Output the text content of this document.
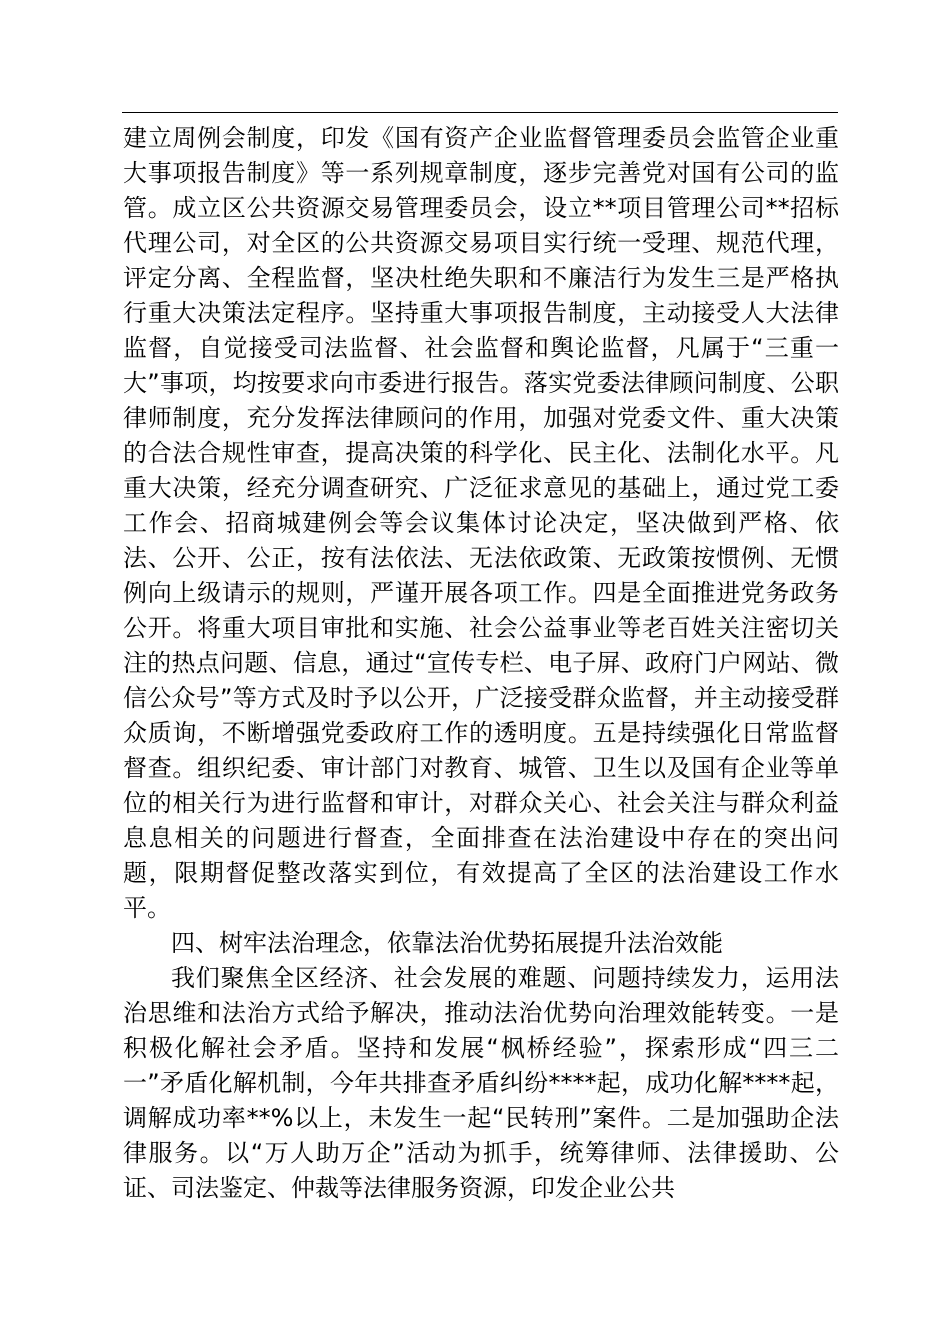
建立周例会制度，印发《国有资产企业监督管理委员会监管企业重大事项报告制度》等一系列规章制度，逐步完善党对国有公司的监管。成立区公共资源交易管理委员会，设立**项目管理公司**招标代理公司，对全区的公共资源交易项目实行统一受理、规范代理，评定分离、全程监督，坚决杜绝失职和不廉洁行为发生三是严格执行重大决策法定程序。坚持重大事项报告制度，主动接受人大法律监督，自觉接受司法监督、社会监督和舆论监督，凡属于“三重一大”事项，均按要求向市委进行报告。落实党委法律顾问制度、公职律师制度，充分发挥法律顾问的作用，加强对党委文件、重大决策的合法合规性审查，提高决策的科学化、民主化、法制化水平。凡重大决策，经充分调查研究、广泛征求意见的基础上，通过党工委工作会、招商城建例会等会议集体讨论决定，坚决做到严格、依法、公开、公正，按有法依法、无法依政策、无政策按惯例、无惯例向上级请示的规则，严谨开展各项工作。四是全面推进党务政务公开。将重大项目审批和实施、社会公益事业等老百姓关注密切关注的热点问题、信息，通过“宣传专栏、电子屏、政府门户网站、微信公众号”等方式及时予以公开，广泛接受群众监督，并主动接受群众质询，不断增强党委政府工作的透明度。五是持续强化日常监督督查。组织纪委、审计部门对教育、城管、卫生以及国有企业等单位的相关行为进行监督和审计，对群众关心、社会关注与群众利益息息相关的问题进行督查，全面排查在法治建设中存在的突出问题，限期督促整改落实到位，有效提高了全区的法治建设工作水平。

四、树牢法治理念，依靠法治优势拓展提升法治效能

我们聚焦全区经济、社会发展的难题、问题持续发力，运用法治思维和法治方式给予解决，推动法治优势向治理效能转变。一是积极化解社会矛盾。坚持和发展“枫桥经验”，探索形成“四三二一”矛盾化解机制，今年共排查矛盾纠纷****起，成功化解****起，调解成功率**%以上，未发生一起“民转刑”案件。二是加强助企法律服务。以“万人助万企”活动为抓手，统筹律师、法律援助、公证、司法鉴定、仲裁等法律服务资源，印发企业公共
